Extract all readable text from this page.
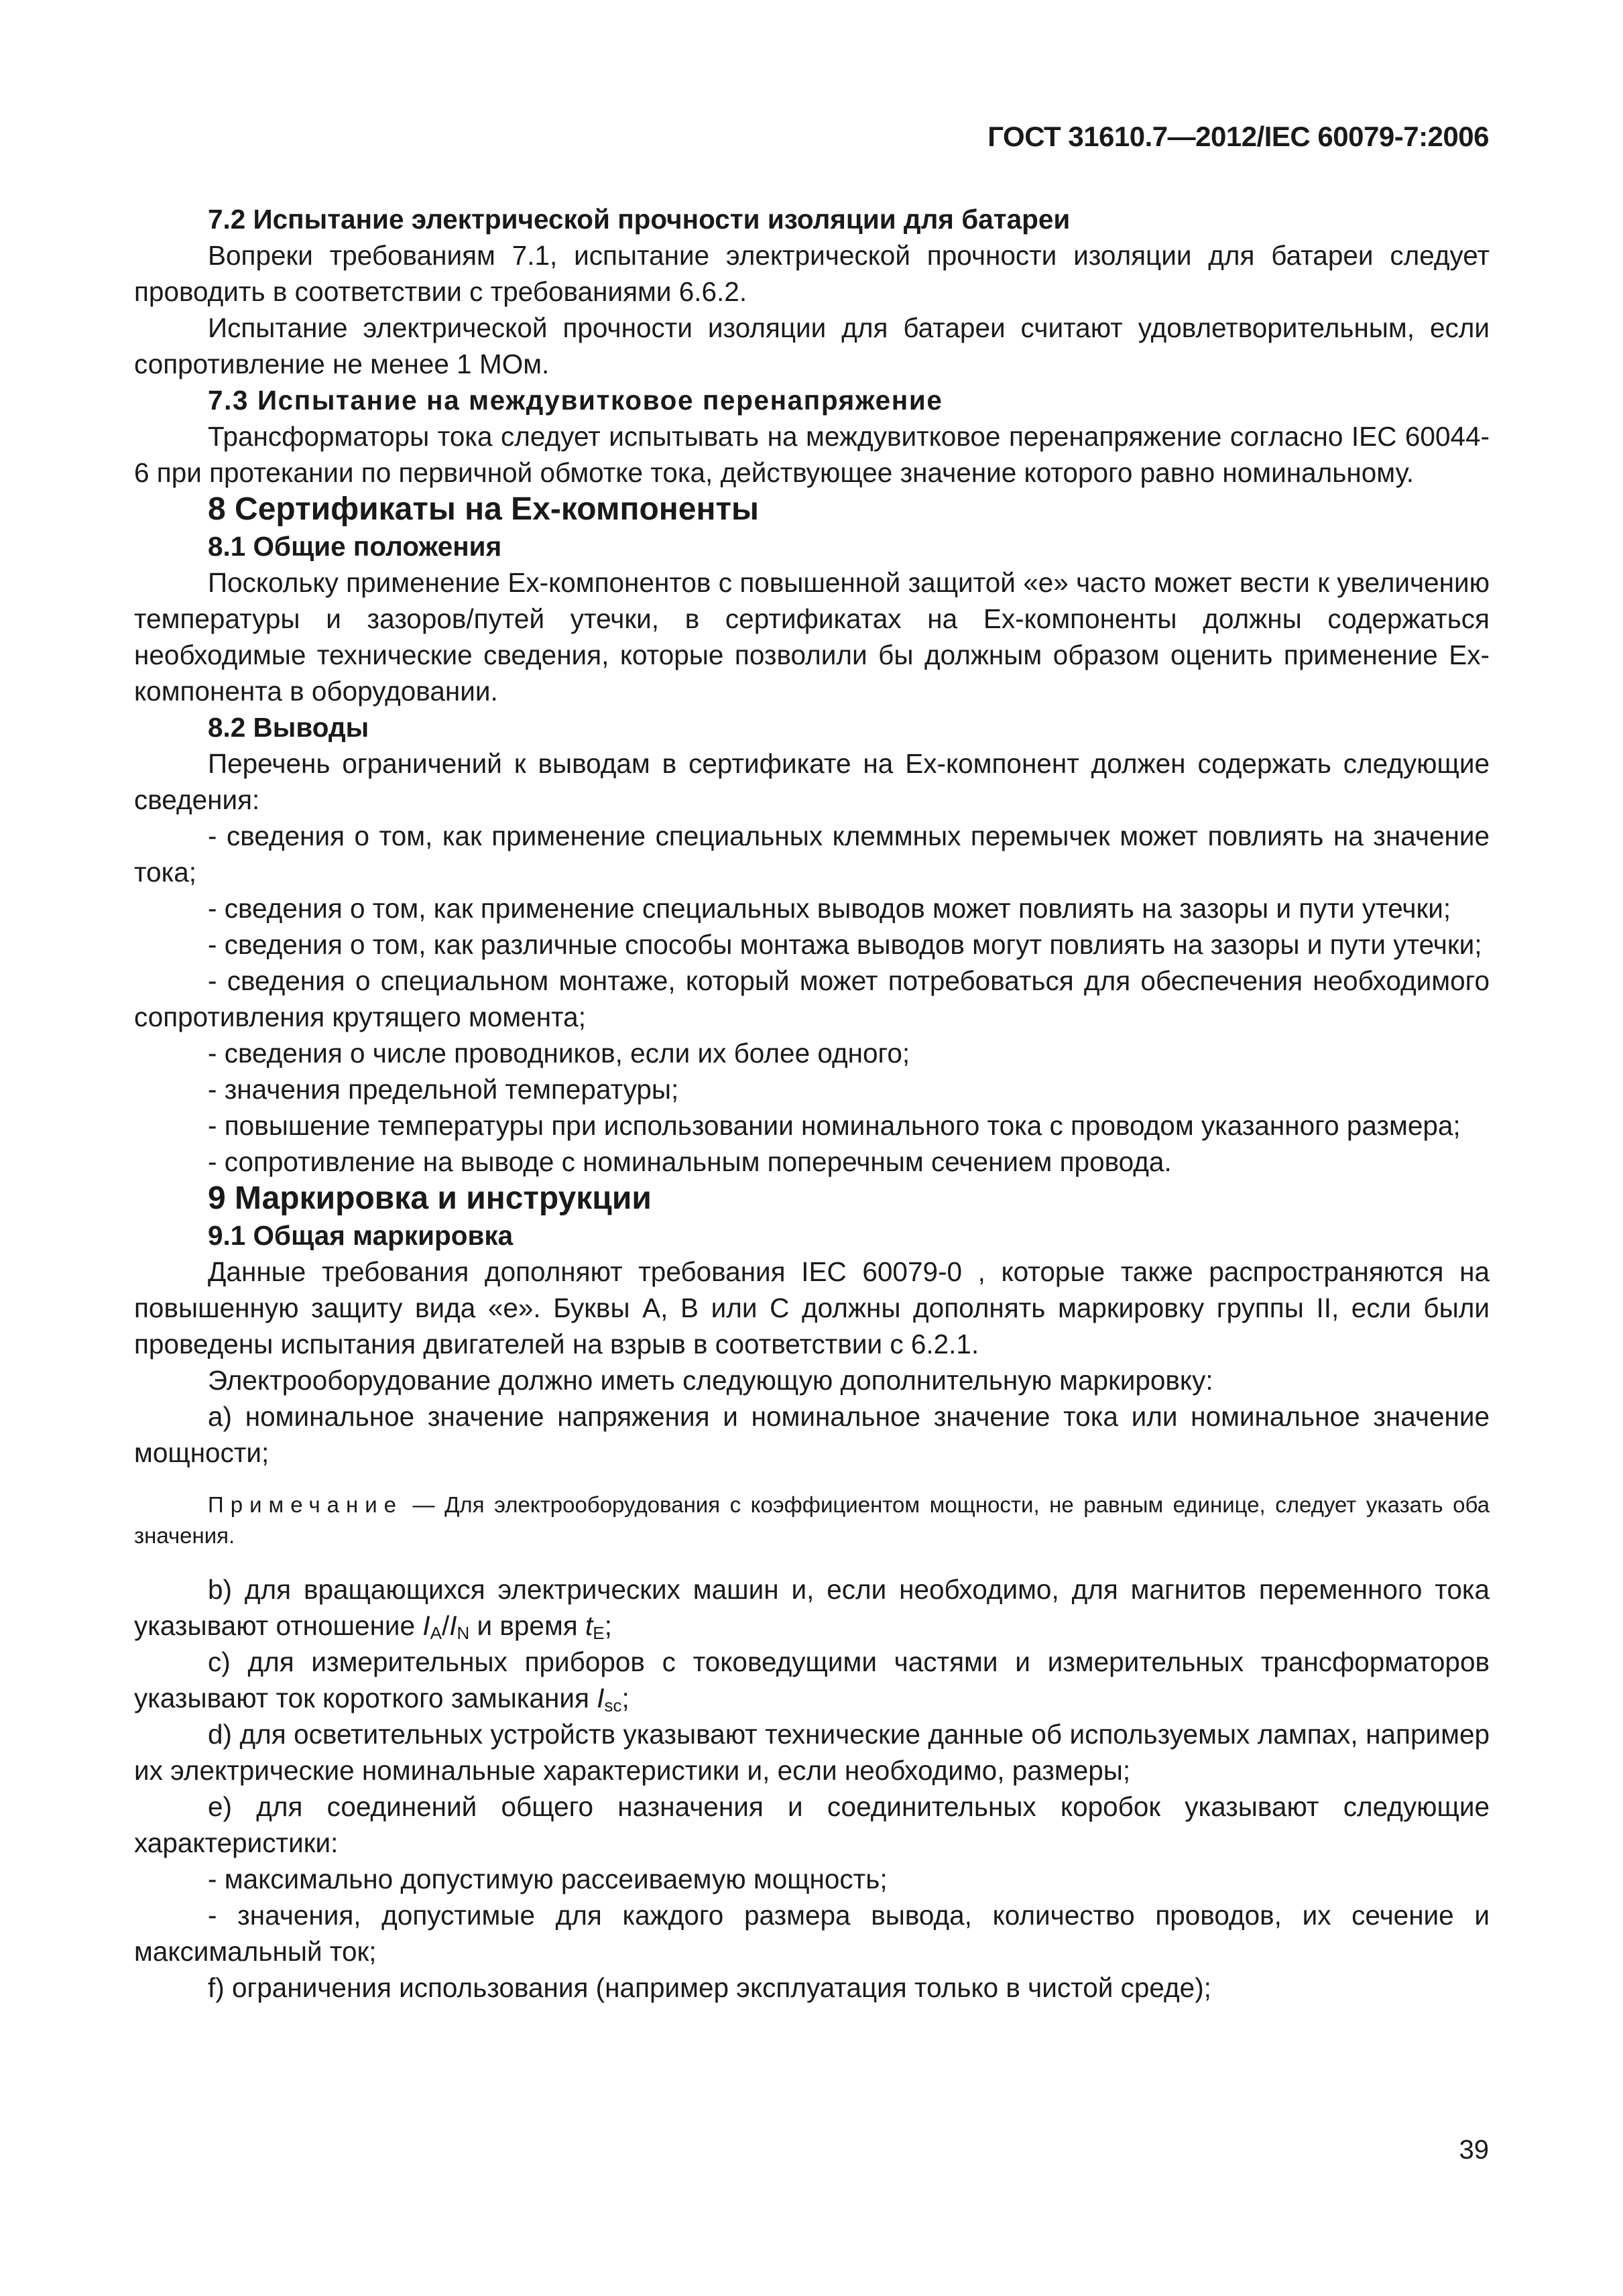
ГОСТ 31610.7—2012/IEC 60079-7:2006

7.2 Испытание электрической прочности изоляции для батареи

Вопреки требованиям 7.1, испытание электрической прочности изоляции для батареи следует проводить в соответствии с требованиями 6.6.2.

Испытание электрической прочности изоляции для батареи считают удовлетворительным, если сопротивление не менее 1 МОм.

7.3 Испытание на междувитковое перенапряжение

Трансформаторы тока следует испытывать на междувитковое перенапряжение согласно IEC 60044-6 при протекании по первичной обмотке тока, действующее значение которого равно номинальному.

8 Сертификаты на Ех-компоненты

8.1 Общие положения

Поскольку применение Ех-компонентов с повышенной защитой «е» часто может вести к увеличению температуры и зазоров/путей утечки, в сертификатах на Ех-компоненты должны содержаться необходимые технические сведения, которые позволили бы должным образом оценить применение Ех-компонента в оборудовании.

8.2 Выводы

Перечень ограничений к выводам в сертификате на Ех-компонент должен содержать следующие сведения:

- сведения о том, как применение специальных клеммных перемычек может повлиять на значение тока;

- сведения о том, как применение специальных выводов может повлиять на зазоры и пути утечки;

- сведения о том, как различные способы монтажа выводов могут повлиять на зазоры и пути утечки;

- сведения о специальном монтаже, который может потребоваться для обеспечения необходимого сопротивления крутящего момента;

- сведения о числе проводников, если их более одного;

- значения предельной температуры;

- повышение температуры при использовании номинального тока с проводом указанного размера;

- сопротивление на выводе с номинальным поперечным сечением провода.

9 Маркировка и инструкции

9.1 Общая маркировка

Данные требования дополняют требования IEC 60079-0 , которые также распространяются на повышенную защиту вида «е». Буквы А, В или С должны дополнять маркировку группы II, если были проведены испытания двигателей на взрыв в соответствии с 6.2.1.

Электрооборудование должно иметь следующую дополнительную маркировку:

а) номинальное значение напряжения и номинальное значение тока или номинальное значение мощности;

Примечание — Для электрооборудования с коэффициентом мощности, не равным единице, следует указать оба значения.

b) для вращающихся электрических машин и, если необходимо, для магнитов переменного тока указывают отношение $I_A/I_N$ и время $t_E$;

с) для измерительных приборов с токоведущими частями и измерительных трансформаторов указывают ток короткого замыкания $I_{sc}$;

d) для осветительных устройств указывают технические данные об используемых лампах, например их электрические номинальные характеристики и, если необходимо, размеры;

е) для соединений общего назначения и соединительных коробок указывают следующие характеристики:

- максимально допустимую рассеиваемую мощность;

- значения, допустимые для каждого размера вывода, количество проводов, их сечение и максимальный ток;

f) ограничения использования (например эксплуатация только в чистой среде);

39
